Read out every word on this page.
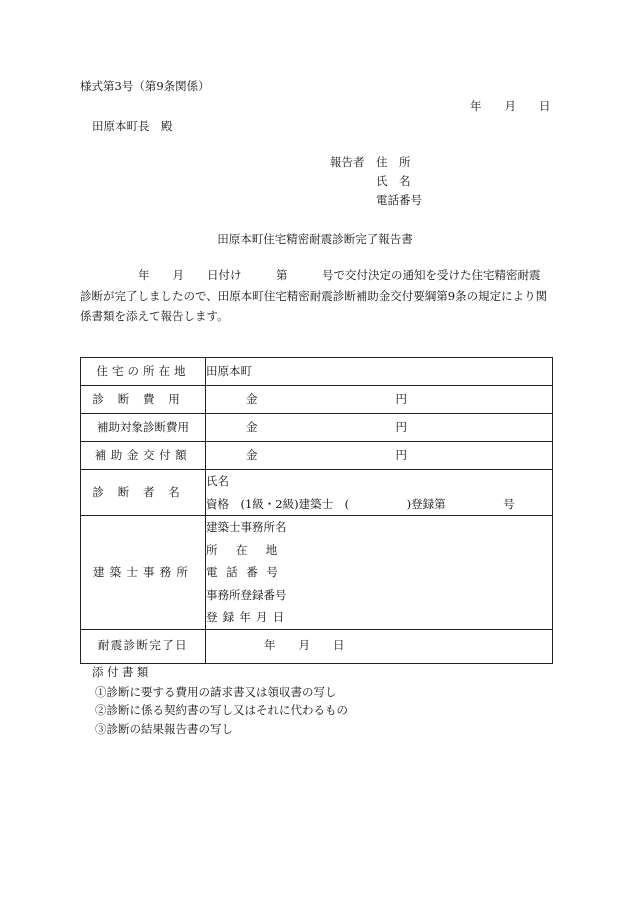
様式第3号（第9条関係）
年　　月　　日
田原本町長　殿
報告者 住　所
氏　名
電話番号
田原本町住宅精密耐震診断完了報告書
年　　月　　日付け　　　第　　　号で交付決定の通知を受けた住宅精密耐震
診断が完了しましたので、田原本町住宅精密耐震診断補助金交付要綱第9条の規定により関
係書類を添えて報告します。
住宅の所在地	田原本町
診断費用	金 円
補助対象診断費用	金 円
補助金交付額	金 円
診断者名	氏名
資格　(1級・2級)建築士　(　　　　　)登録第　　　　　号

建築士事務所	建築士事務所名
所在地
電話番号
事務所登録番号
登録年月日

耐震診断完了日	年　　月　　日
添付書類
①診断に要する費用の請求書又は領収書の写し
②診断に係る契約書の写し又はそれに代わるもの
③診断の結果報告書の写し
